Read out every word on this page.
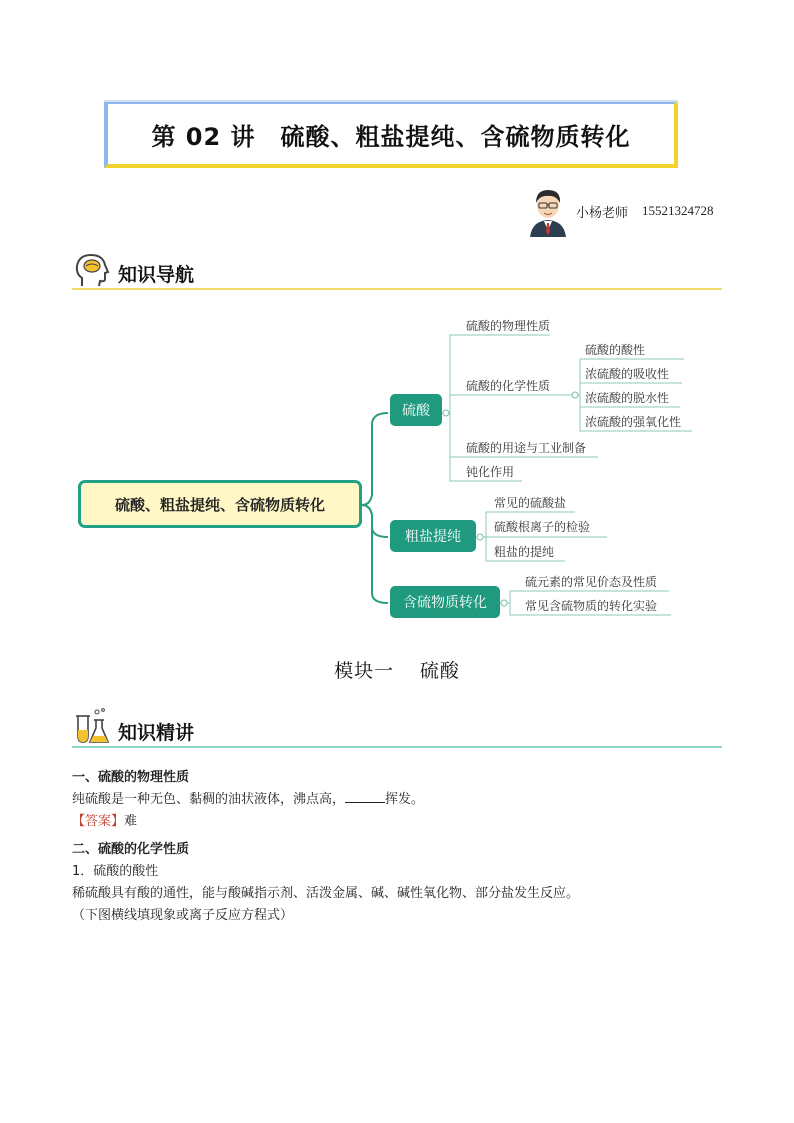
第 02 讲　硫酸、粗盐提纯、含硫物质转化
小杨老师 15521324728
知识导航
硫酸、粗盐提纯、含硫物质转化
硫酸
粗盐提纯
含硫物质转化
硫酸的物理性质
硫酸的化学性质
硫酸的用途与工业制备
钝化作用
硫酸的酸性
浓硫酸的吸收性
浓硫酸的脱水性
浓硫酸的强氧化性
常见的硫酸盐
硫酸根离子的检验
粗盐的提纯
硫元素的常见价态及性质
常见含硫物质的转化实验
模块一　 硫酸
知识精讲
一、硫酸的物理性质
纯硫酸是一种无色、黏稠的油状液体，沸点高，	挥发。
【答案】难
二、硫酸的化学性质
1．硫酸的酸性
稀硫酸具有酸的通性，能与酸碱指示剂、活泼金属、碱、碱性氧化物、部分盐发生反应。
（下图横线填现象或离子反应方程式）
